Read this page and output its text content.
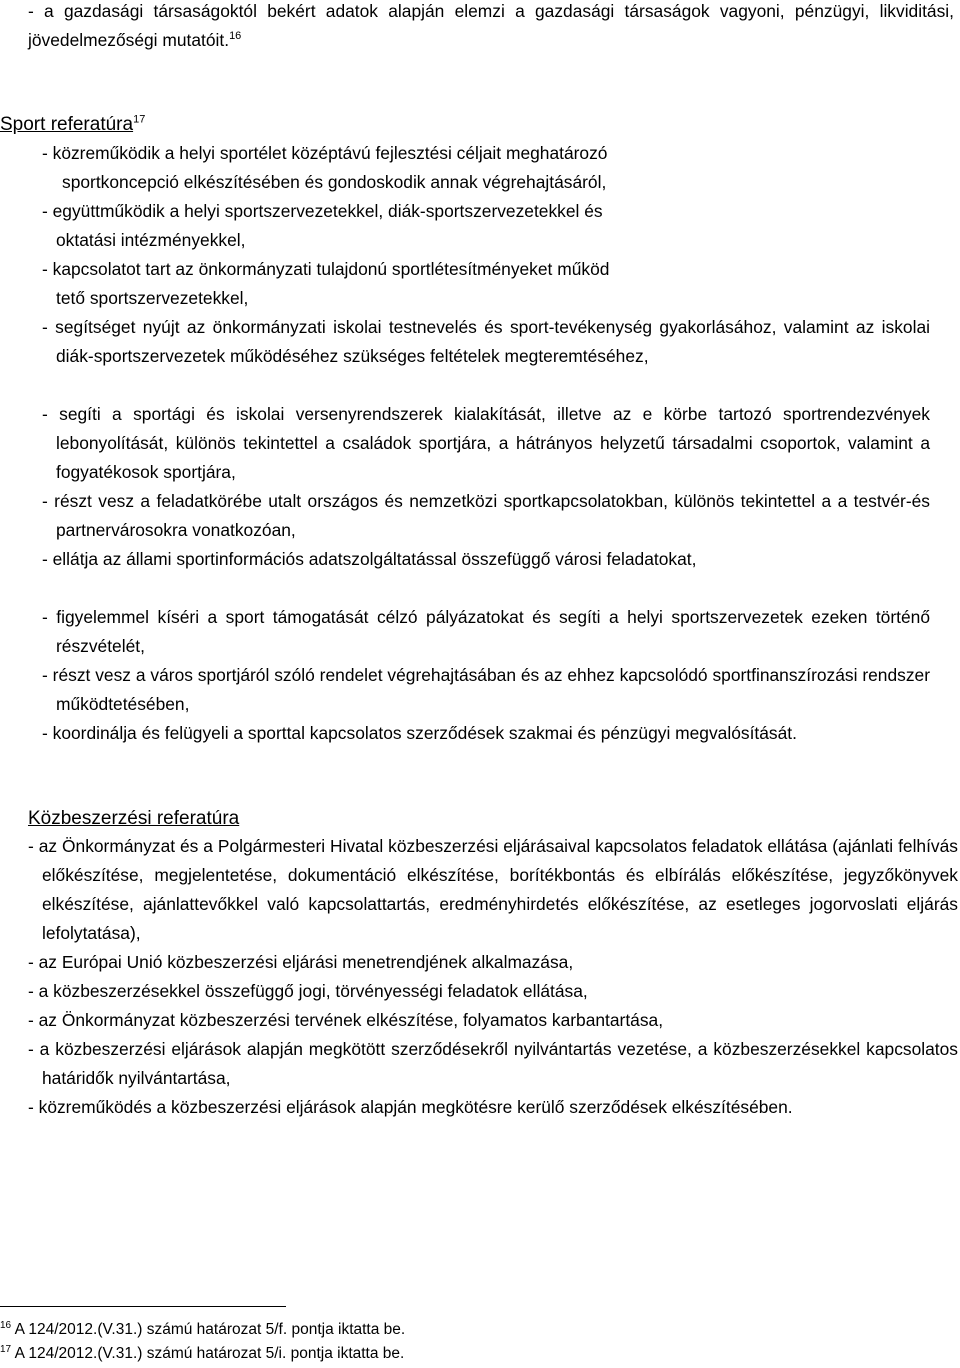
- a gazdasági társaságoktól bekért adatok alapján elemzi a gazdasági társaságok vagyoni, pénzügyi, likviditási, jövedelmezőségi mutatóit.$^{16}$
Sport referatúra$^{17}$
- közreműködik a helyi sportélet középtávú fejlesztési céljait meghatározó
sportkoncepció elkészítésében és gondoskodik annak végrehajtásáról,
- együttműködik a helyi sportszervezetekkel, diák-sportszervezetekkel és
oktatási intézményekkel,
- kapcsolatot tart az önkormányzati tulajdonú sportlétesítményeket működ
tető sportszervezetekkel,
- segítséget nyújt az önkormányzati iskolai testnevelés és sport-tevékenység gyakorlásához, valamint az iskolai diák-sportszervezetek működéséhez szükséges feltételek megteremtéséhez,
- segíti a sportági és iskolai versenyrendszerek kialakítását, illetve az e körbe tartozó sportrendezvények lebonyolítását, különös tekintettel a családok sportjára, a hátrányos helyzetű társadalmi csoportok, valamint a fogyatékosok sportjára,
- részt vesz a feladatkörébe utalt országos és nemzetközi sportkapcsolatokban, különös tekintettel a a testvér-és partnervárosokra vonatkozóan,
- ellátja az állami sportinformációs adatszolgáltatással összefüggő városi feladatokat,
- figyelemmel kíséri a sport támogatását célzó pályázatokat és segíti a helyi sportszervezetek ezeken történő részvételét,
- részt vesz a város sportjáról szóló rendelet végrehajtásában és az ehhez kapcsolódó sportfinanszírozási rendszer működtetésében,
- koordinálja és felügyeli a sporttal kapcsolatos szerződések szakmai és pénzügyi megvalósítását.
Közbeszerzési referatúra
- az Önkormányzat és a Polgármesteri Hivatal közbeszerzési eljárásaival kapcsolatos feladatok ellátása (ajánlati felhívás előkészítése, megjelentetése, dokumentáció elkészítése, borítékbontás és elbírálás előkészítése, jegyzőkönyvek elkészítése, ajánlattevőkkel való kapcsolattartás, eredményhirdetés előkészítése, az esetleges jogorvoslati eljárás lefolytatása),
- az Európai Unió közbeszerzési eljárási menetrendjének alkalmazása,
- a közbeszerzésekkel összefüggő jogi, törvényességi feladatok ellátása,
- az Önkormányzat közbeszerzési tervének elkészítése, folyamatos karbantartása,
- a közbeszerzési eljárások alapján megkötött szerződésekről nyilvántartás vezetése, a közbeszerzésekkel kapcsolatos határidők nyilvántartása,
- közreműködés a közbeszerzési eljárások alapján megkötésre kerülő szerződések elkészítésében.
$^{16}$ A 124/2012.(V.31.) számú határozat 5/f. pontja iktatta be.
$^{17}$ A 124/2012.(V.31.) számú határozat 5/i. pontja iktatta be.
